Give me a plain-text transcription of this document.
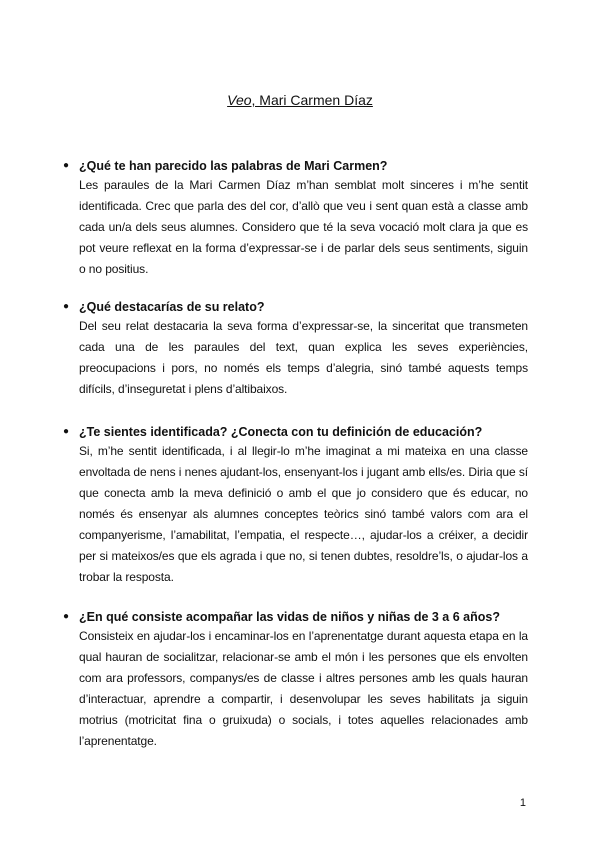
Veo, Mari Carmen Díaz
● ¿Qué te han parecido las palabras de Mari Carmen?
Les paraules de la Mari Carmen Díaz m’han semblat molt sinceres i m’he sentit identificada. Crec que parla des del cor, d’allò que veu i sent quan està a classe amb cada un/a dels seus alumnes. Considero que té la seva vocació molt clara ja que es pot veure reflexat en la forma d’expressar-se i de parlar dels seus sentiments, siguin o no positius.
● ¿Qué destacarías de su relato?
Del seu relat destacaria la seva forma d’expressar-se, la sinceritat que transmeten cada una de les paraules del text, quan explica les seves experiències, preocupacions i pors, no només els temps d’alegria, sinó també aquests temps difícils, d’inseguretat i plens d’altibaixos.
● ¿Te sientes identificada? ¿Conecta con tu definición de educación?
Si, m’he sentit identificada, i al llegir-lo m’he imaginat a mi mateixa en una classe envoltada de nens i nenes ajudant-los, ensenyant-los i jugant amb ells/es. Diria que sí que conecta amb la meva definició o amb el que jo considero que és educar, no només és ensenyar als alumnes conceptes teòrics sinó també valors com ara el companyerisme, l’amabilitat, l’empatia, el respecte…, ajudar-los a créixer, a decidir per si mateixos/es que els agrada i que no, si tenen dubtes, resoldre’ls, o ajudar-los a trobar la resposta.
● ¿En qué consiste acompañar las vidas de niños y niñas de 3 a 6 años?
Consisteix en ajudar-los i encaminar-los en l’aprenentatge durant aquesta etapa en la qual hauran de socialitzar, relacionar-se amb el món i les persones que els envolten com ara professors, companys/es de classe i altres persones amb les quals hauran d’interactuar, aprendre a compartir, i desenvolupar les seves habilitats ja siguin motrius (motricitat fina o gruixuda) o socials, i totes aquelles relacionades amb l’aprenentatge.
1
